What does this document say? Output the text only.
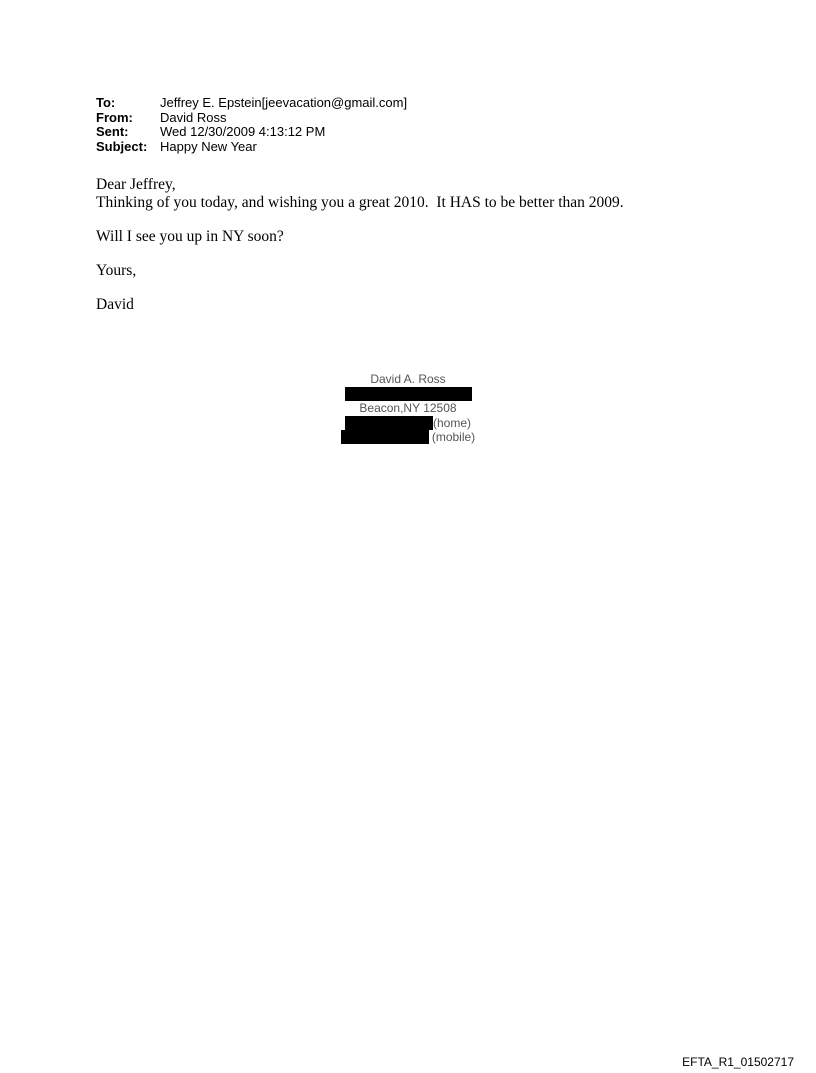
To:	Jeffrey E. Epstein[jeevacation@gmail.com]
From:	David Ross
Sent:	Wed 12/30/2009 4:13:12 PM
Subject: Happy New Year

Dear Jeffrey,

Thinking of you today, and wishing you a great 2010.  It HAS to be better than 2009.

Will I see you up in NY soon?

Yours,

David

David A. Ross
Beacon,NY 12508
(home)
(mobile)
EFTA_R1_01502717
